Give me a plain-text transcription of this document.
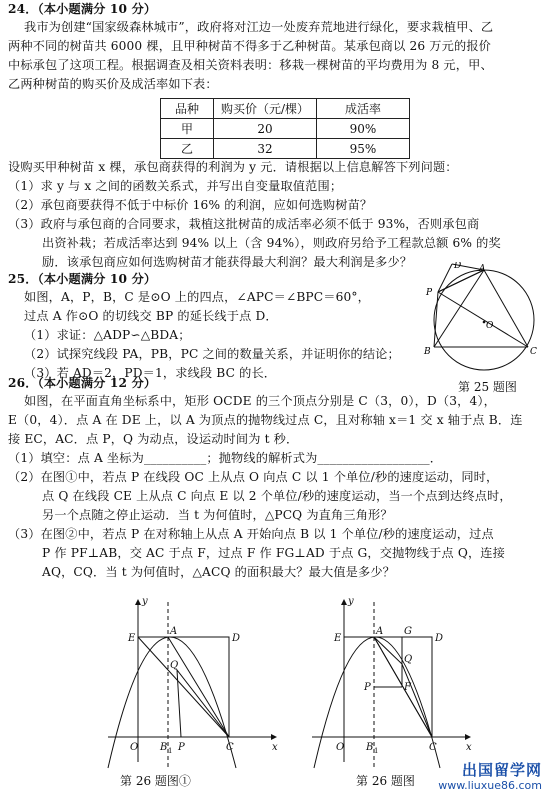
24．（本小题满分 10 分）
我市为创建“国家级森林城市”，政府将对江边一处废弃荒地进行绿化，要求栽植甲、乙
两种不同的树苗共 6000 棵，且甲种树苗不得多于乙种树苗。某承包商以 26 万元的报价
中标承包了这项工程。根据调查及相关资料表明：移栽一棵树苗的平均费用为 8 元，甲、
乙两种树苗的购买价及成活率如下表：
品种	购买价（元/棵）	成活率
甲	20	90%
乙	32	95%
设购买甲种树苗 x 棵，承包商获得的利润为 y 元．请根据以上信息解答下列问题：
（1）求 y 与 x 之间的函数关系式，并写出自变量取值范围；
（2）承包商要获得不低于中标价 16% 的利润，应如何选购树苗？
（3）政府与承包商的合同要求，栽植这批树苗的成活率必须不低于 93%，否则承包商
出资补栽；若成活率达到 94% 以上（含 94%），则政府另给予工程款总额 6% 的奖
励．该承包商应如何选购树苗才能获得最大利润？最大利润是多少？
25．（本小题满分 10 分）
如图，A，P，B，C 是⊙O 上的四点，∠APC＝∠BPC＝60°，
过点 A 作⊙O 的切线交 BP 的延长线于点 D．
（1）求证：△ADP∽△BDA；
（2）试探究线段 PA，PB，PC 之间的数量关系，并证明你的结论；
（3）若 AD＝2，PD＝1，求线段 BC 的长．
A
P
B	C
D
O
第 25 题图
26．（本小题满分 12 分）
如图，在平面直角坐标系中，矩形 OCDE 的三个顶点分别是 C（3，0），D（3，4），
E（0，4）．点 A 在 DE 上，以 A 为顶点的抛物线过点 C，且对称轴 x＝1 交 x 轴于点 B．连
接 EC，AC．点 P，Q 为动点，设运动时间为 t 秒．
（1）填空：点 A 坐标为__________；抛物线的解析式为__________________．
（2）在图①中，若点 P 在线段 OC 上从点 O 向点 C 以 1 个单位/秒的速度运动，同时，
点 Q 在线段 CE 上从点 C 向点 E 以 2 个单位/秒的速度运动，当一个点到达终点时，
另一个点随之停止运动．当 t 为何值时，△PCQ 为直角三角形？
（3）在图②中，若点 P 在对称轴上从点 A 开始向点 B 以 1 个单位/秒的速度运动，过点
P 作 PF⊥AB，交 AC 于点 F，过点 F 作 FG⊥AD 于点 G，交抛物线于点 Q，连接
AQ，CQ．当 t 为何值时，△ACQ 的面积最大？最大值是多少？
y
x
E
A
D
Q
O B 1 P	C
第 26 题图①
y
x
E
A G
D
Q
F
P
O B 1	C
第 26 题图
出国留学网
www.liuxue86.com
